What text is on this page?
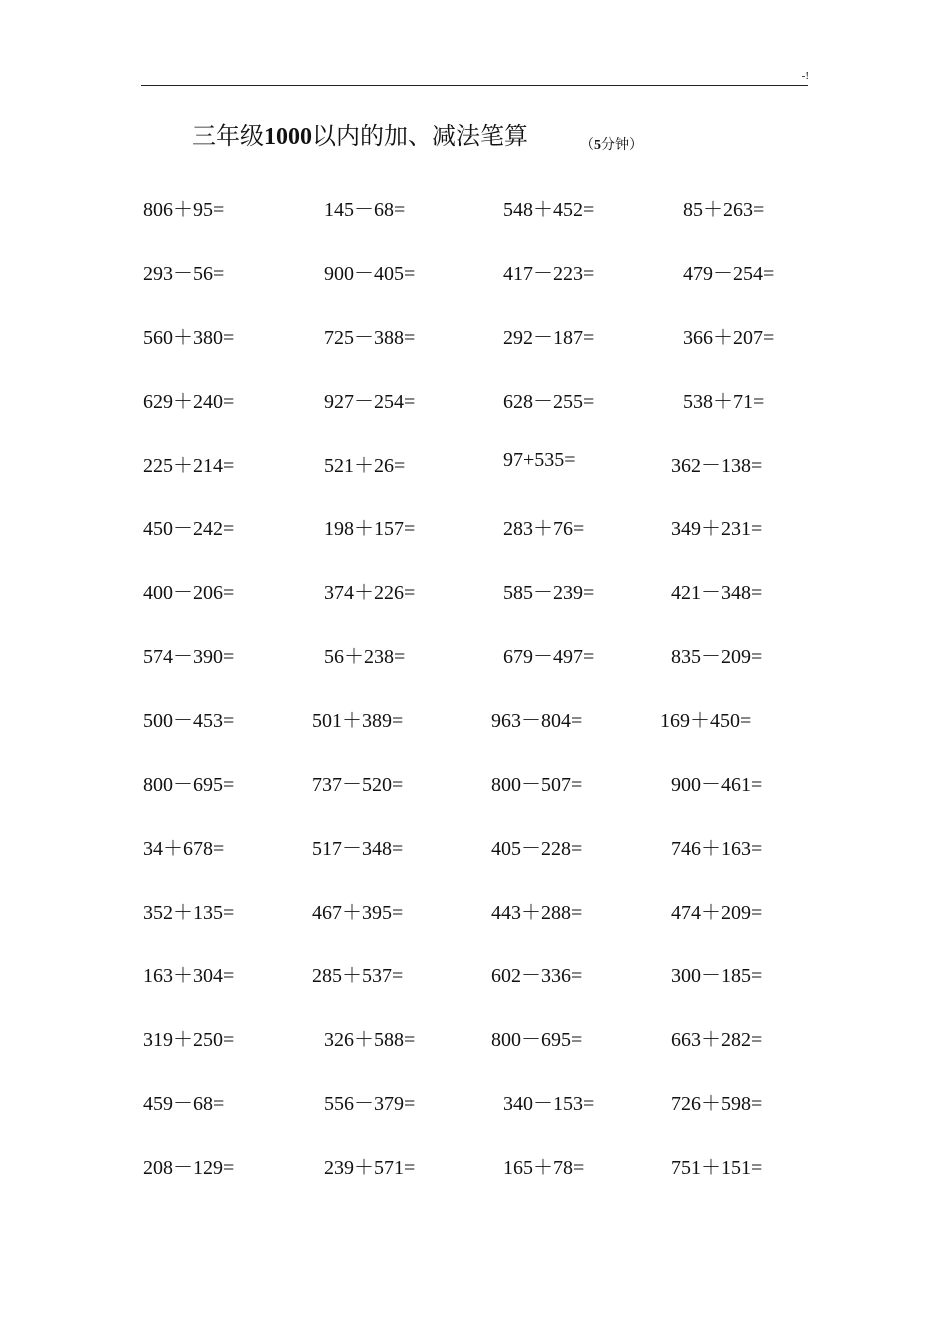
-!
三年级1000以内的加、减法笔算	（5分钟）
806＋95=	145－68=	548＋452=	85＋263=
293－56=	900－405=	417－223=	479－254=
560＋380=	725－388=	292－187=	366＋207=
629＋240=	927－254=	628－255=	538＋71=
225＋214=	521＋26=	97+535=	362－138=
450－242=	198＋157=	283＋76=	349＋231=
400－206=	374＋226=	585－239=	421－348=
574－390=	56＋238=	679－497=	835－209=
500－453=	501＋389=	963－804=	169＋450=
800－695=	737－520=	800－507=	900－461=
34＋678=	517－348=	405－228=	746＋163=
352＋135=	467＋395=	443＋288=	474＋209=
163＋304=	285＋537=	602－336=	300－185=
319＋250=	326＋588=	800－695=	663＋282=
459－68=	556－379=	340－153=	726＋598=
208－129=	239＋571=	165＋78=	751＋151=
